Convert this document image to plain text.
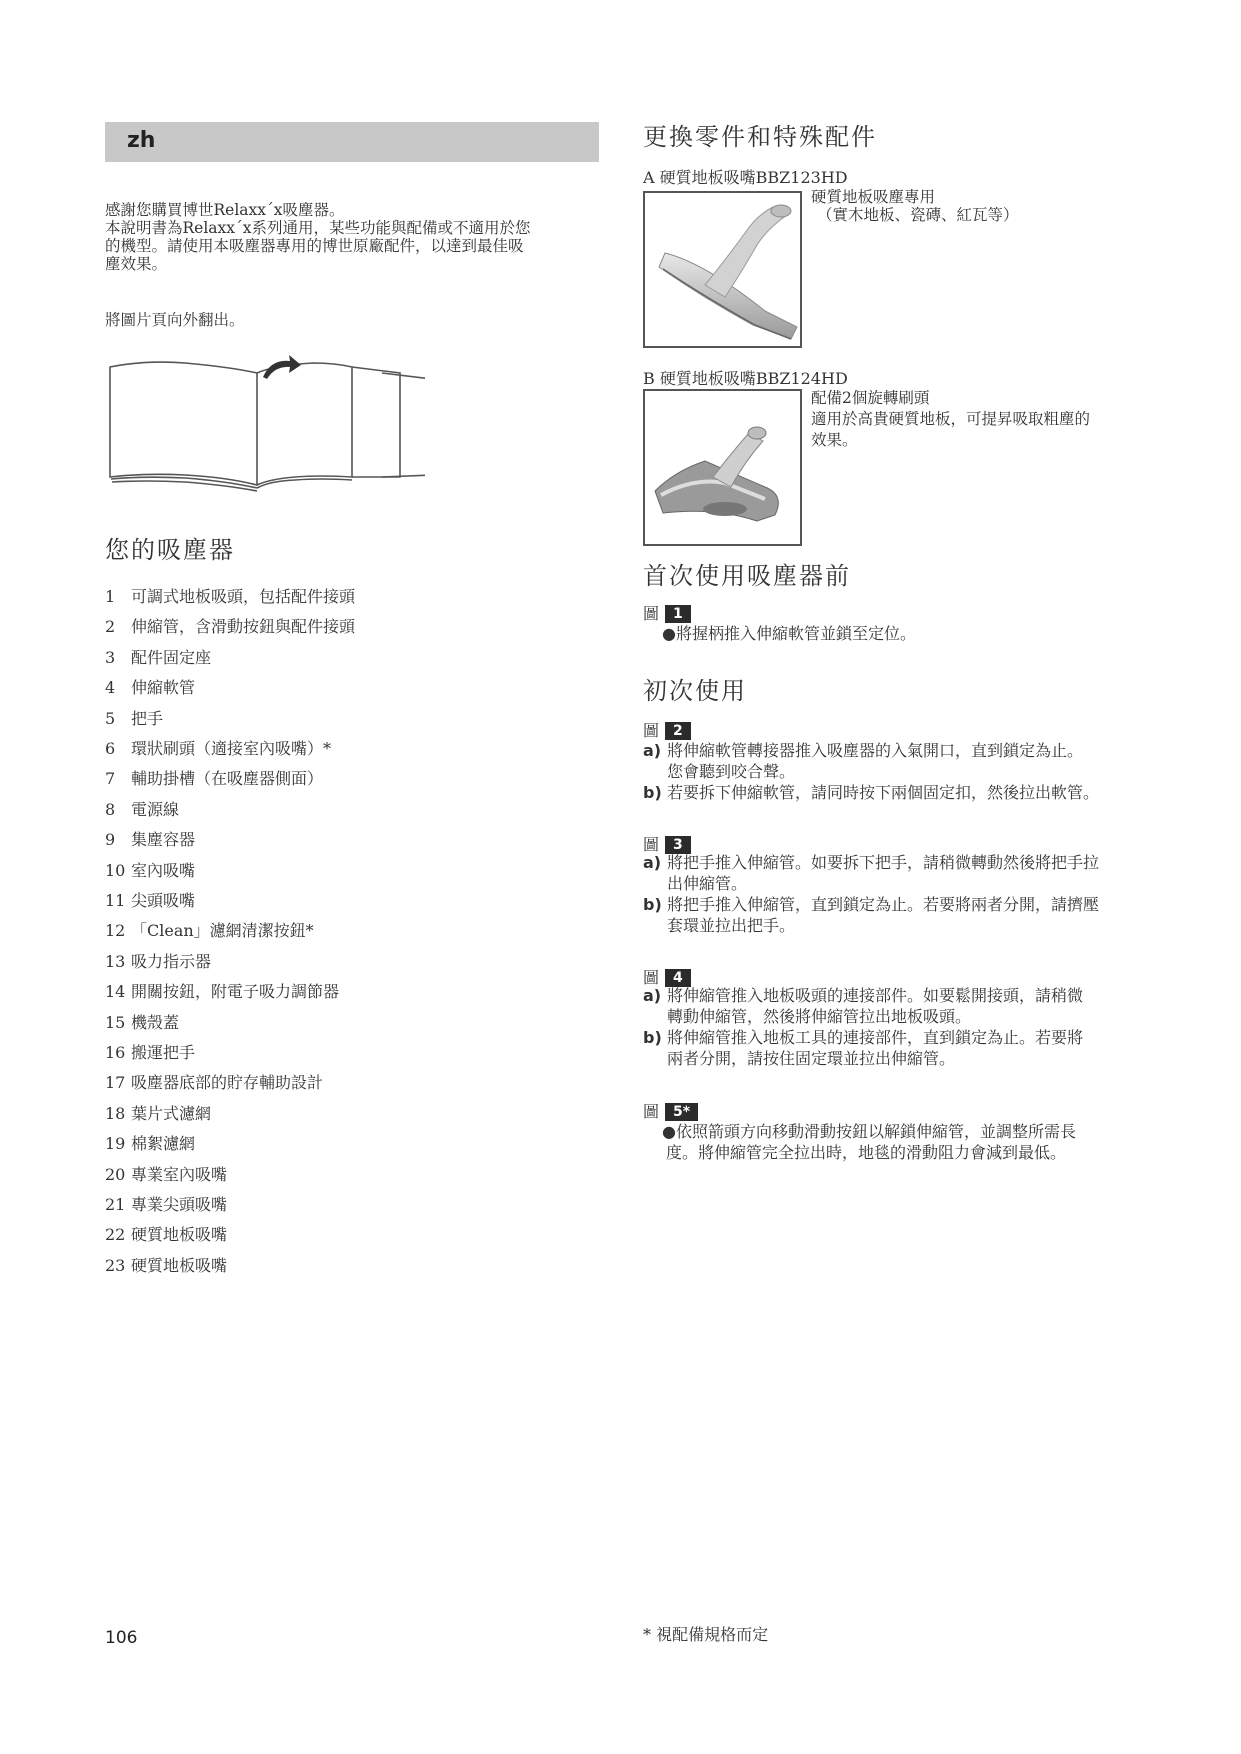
zh
感謝您購買博世Relaxx´x吸塵器。
本說明書為Relaxx´x系列通用，某些功能與配備或不適用於您
的機型。請使用本吸塵器專用的博世原廠配件，以達到最佳吸
塵效果。
將圖片頁向外翻出。
您的吸塵器
1 可調式地板吸頭，包括配件接頭
2 伸縮管，含滑動按鈕與配件接頭
3 配件固定座
4 伸縮軟管
5 把手
6 環狀刷頭（適接室內吸嘴）*
7 輔助掛槽（在吸塵器側面）
8 電源線
9 集塵容器
10 室內吸嘴
11 尖頭吸嘴
12 「Clean」濾網清潔按鈕*
13 吸力指示器
14 開關按鈕，附電子吸力調節器
15 機殼蓋
16 搬運把手
17 吸塵器底部的貯存輔助設計
18 葉片式濾網
19 棉絮濾網
20 專業室內吸嘴
21 專業尖頭吸嘴
22 硬質地板吸嘴
23 硬質地板吸嘴
更換零件和特殊配件
A 硬質地板吸嘴BBZ123HD
硬質地板吸塵專用
（實木地板、瓷磚、紅瓦等）
B 硬質地板吸嘴BBZ124HD
配備2個旋轉刷頭
適用於高貴硬質地板，可提昇吸取粗塵的
效果。
首次使用吸塵器前
圖 1
●將握柄推入伸縮軟管並鎖至定位。
初次使用
圖 2
a) 將伸縮軟管轉接器推入吸塵器的入氣開口，直到鎖定為止。
您會聽到咬合聲。
b) 若要拆下伸縮軟管，請同時按下兩個固定扣，然後拉出軟管。
圖 3
a) 將把手推入伸縮管。如要拆下把手，請稍微轉動然後將把手拉
出伸縮管。
b) 將把手推入伸縮管，直到鎖定為止。若要將兩者分開，請擠壓
套環並拉出把手。
圖 4
a) 將伸縮管推入地板吸頭的連接部件。如要鬆開接頭，請稍微
轉動伸縮管，然後將伸縮管拉出地板吸頭。
b) 將伸縮管推入地板工具的連接部件，直到鎖定為止。若要將
兩者分開，請按住固定環並拉出伸縮管。
圖 5*
●依照箭頭方向移動滑動按鈕以解鎖伸縮管，並調整所需長
度。將伸縮管完全拉出時，地毯的滑動阻力會減到最低。
106	* 視配備規格而定
